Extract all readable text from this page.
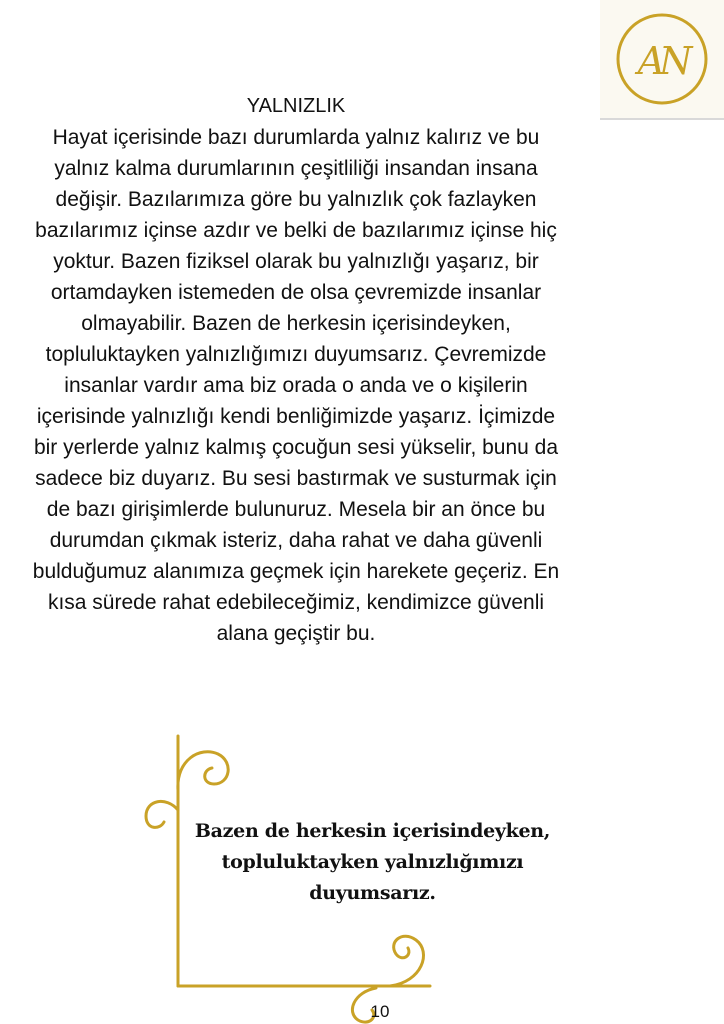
AN
YALNIZLIK

Hayat içerisinde bazı durumlarda yalnız kalırız ve bu yalnız kalma durumlarının çeşitliliği insandan insana değişir. Bazılarımıza göre bu yalnızlık çok fazlayken bazılarımız içinse azdır ve belki de bazılarımız içinse hiç yoktur. Bazen fiziksel olarak bu yalnızlığı yaşarız, bir ortamdayken istemeden de olsa çevremizde insanlar olmayabilir. Bazen de herkesin içerisindeyken, topluluktayken yalnızlığımızı duyumsarız. Çevremizde insanlar vardır ama biz orada o anda ve o kişilerin içerisinde yalnızlığı kendi benliğimizde yaşarız. İçimizde bir yerlerde yalnız kalmış çocuğun sesi yükselir, bunu da sadece biz duyarız. Bu sesi bastırmak ve susturmak için de bazı girişimlerde bulunuruz. Mesela bir an önce bu durumdan çıkmak isteriz, daha rahat ve daha güvenli bulduğumuz alanımıza geçmek için harekete geçeriz. En kısa sürede rahat edebileceğimiz, kendimizce güvenli alana geçiştir bu.

Bazen de herkesin içerisindeyken, topluluktayken yalnızlığımızı duyumsarız.

10
